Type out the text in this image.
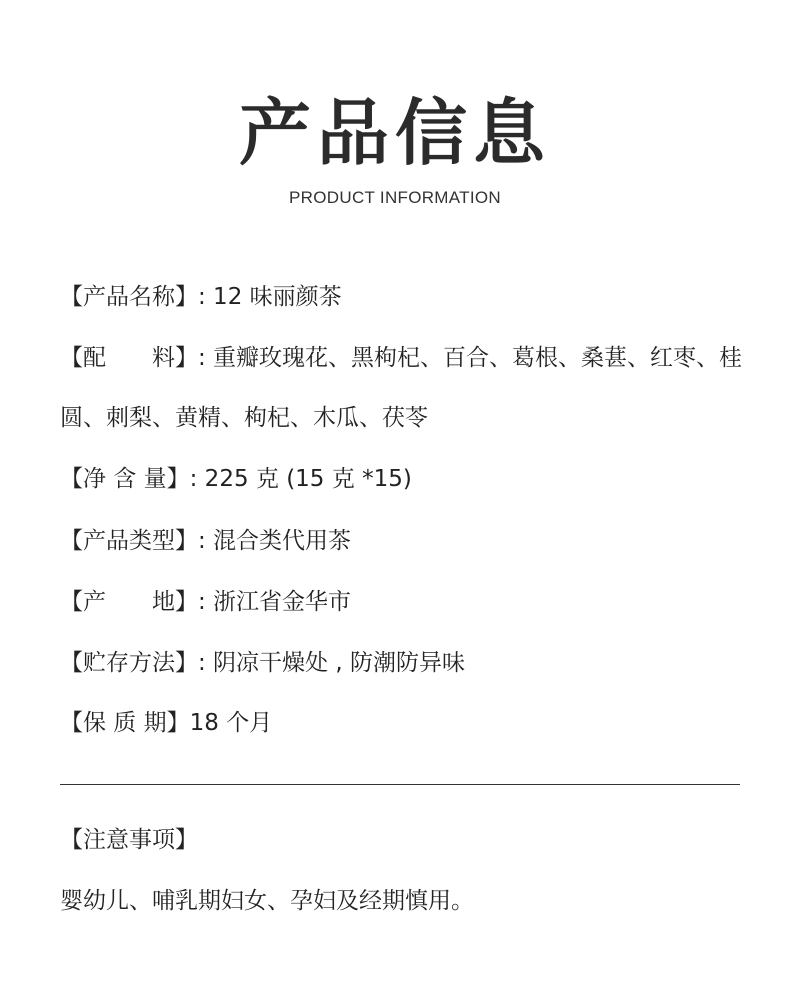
产品信息
PRODUCT INFORMATION
【产品名称】: 12 味丽颜茶
【配　　料】: 重瓣玫瑰花、黑枸杞、百合、葛根、桑葚、红枣、桂
圆、刺梨、黄精、枸杞、木瓜、茯苓
【净 含 量】: 225 克 (15 克 *15)
【产品类型】: 混合类代用茶
【产　　地】: 浙江省金华市
【贮存方法】: 阴凉干燥处 , 防潮防异味
【保 质 期】18 个月
【注意事项】
婴幼儿、哺乳期妇女、孕妇及经期慎用。
